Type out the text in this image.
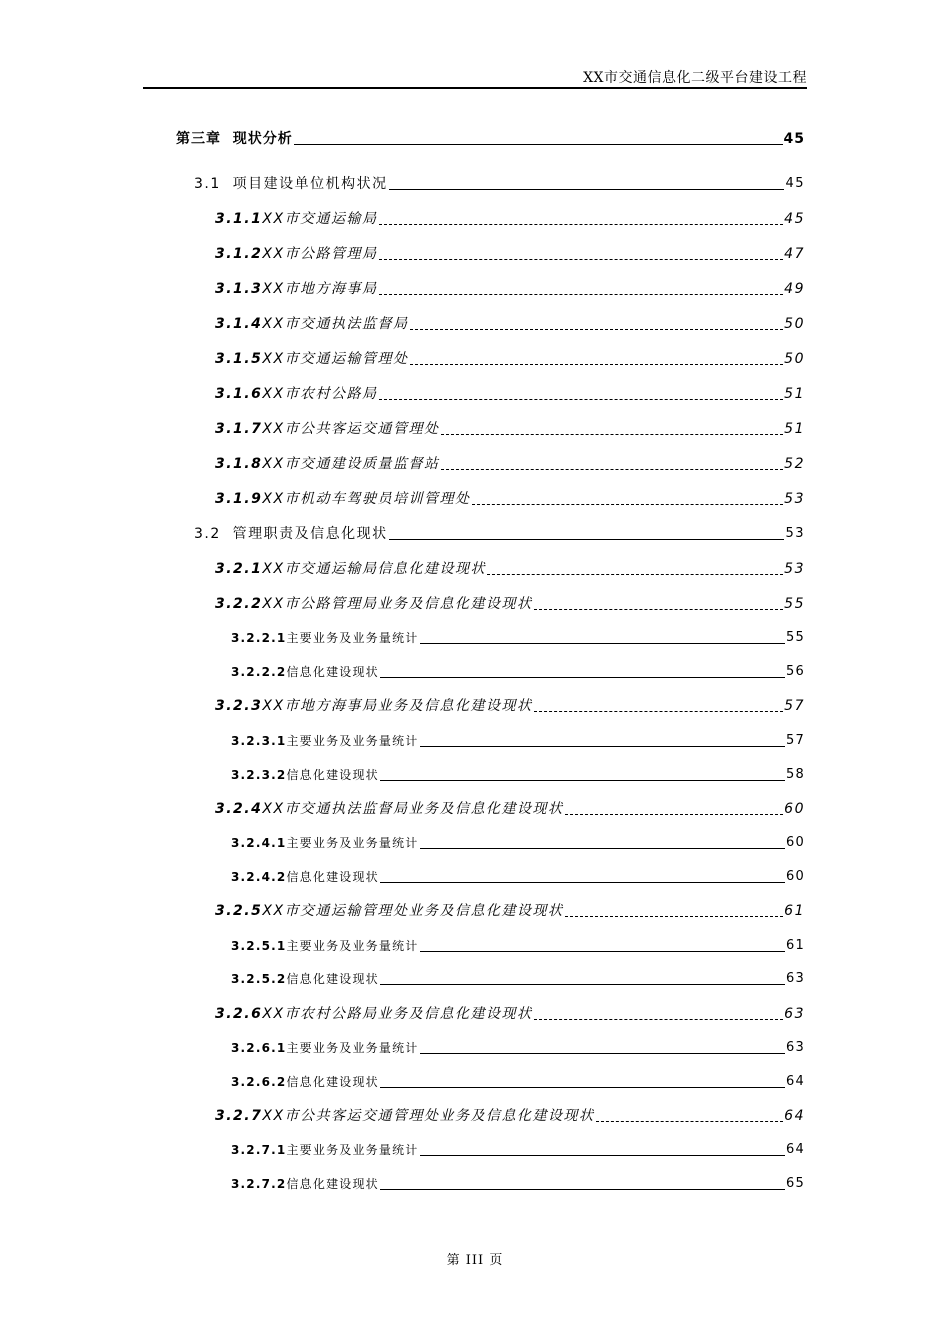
XX市交通信息化二级平台建设工程
第三章 现状分析	45
3.1 项目建设单位机构状况	45
3.1.1XX市交通运输局	45
3.1.2XX市公路管理局	47
3.1.3XX市地方海事局	49
3.1.4XX市交通执法监督局	50
3.1.5XX市交通运输管理处	50
3.1.6XX市农村公路局	51
3.1.7XX市公共客运交通管理处	51
3.1.8XX市交通建设质量监督站	52
3.1.9XX市机动车驾驶员培训管理处	53
3.2 管理职责及信息化现状	53
3.2.1XX市交通运输局信息化建设现状	53
3.2.2XX市公路管理局业务及信息化建设现状	55
3.2.2.1主要业务及业务量统计	55
3.2.2.2信息化建设现状	56
3.2.3XX市地方海事局业务及信息化建设现状	57
3.2.3.1主要业务及业务量统计	57
3.2.3.2信息化建设现状	58
3.2.4XX市交通执法监督局业务及信息化建设现状	60
3.2.4.1主要业务及业务量统计	60
3.2.4.2信息化建设现状	60
3.2.5XX市交通运输管理处业务及信息化建设现状	61
3.2.5.1主要业务及业务量统计	61
3.2.5.2信息化建设现状	63
3.2.6XX市农村公路局业务及信息化建设现状	63
3.2.6.1主要业务及业务量统计	63
3.2.6.2信息化建设现状	64
3.2.7XX市公共客运交通管理处业务及信息化建设现状	64
3.2.7.1主要业务及业务量统计	64
3.2.7.2信息化建设现状	65
第 III 页
